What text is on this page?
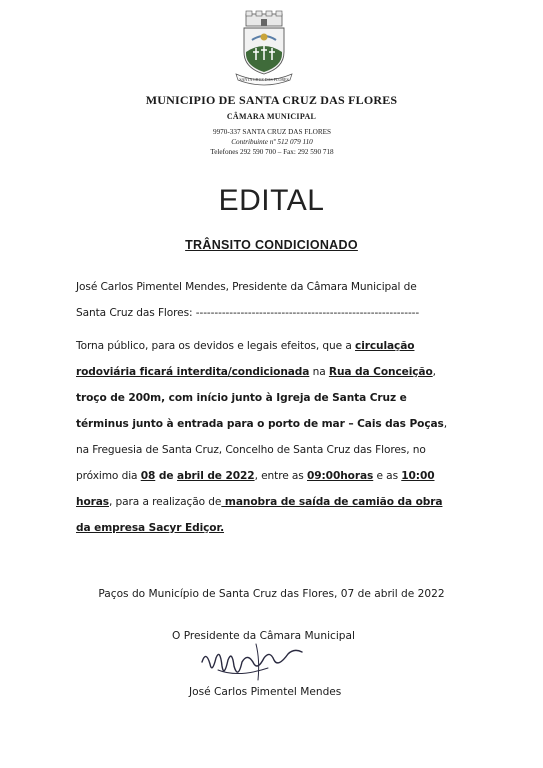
SANTA CRUZ DAS FLORES
MUNICIPIO DE SANTA CRUZ DAS FLORES
CÂMARA MUNICIPAL
9970-337 SANTA CRUZ DAS FLORES
Contribuinte nº 512 079 110
Telefones 292 590 700 – Fax: 292 590 718
EDITAL
TRÂNSITO CONDICIONADO
José Carlos Pimentel Mendes, Presidente da Câmara Municipal de
Santa Cruz das Flores: ------------------------------------------------------------
Torna público, para os devidos e legais efeitos, que a circulação
rodoviária ficará interdita/condicionada na Rua da Conceição,
troço de 200m, com início junto à Igreja de Santa Cruz e
términus junto à entrada para o porto de mar – Cais das Poças,
na Freguesia de Santa Cruz, Concelho de Santa Cruz das Flores, no
próximo dia 08 de abril de 2022, entre as 09:00horas e as 10:00
horas, para a realização de manobra de saída de camião da obra
da empresa Sacyr Ediçor.
Paços do Município de Santa Cruz das Flores, 07 de abril de 2022
O Presidente da Câmara Municipal
José Carlos Pimentel Mendes
